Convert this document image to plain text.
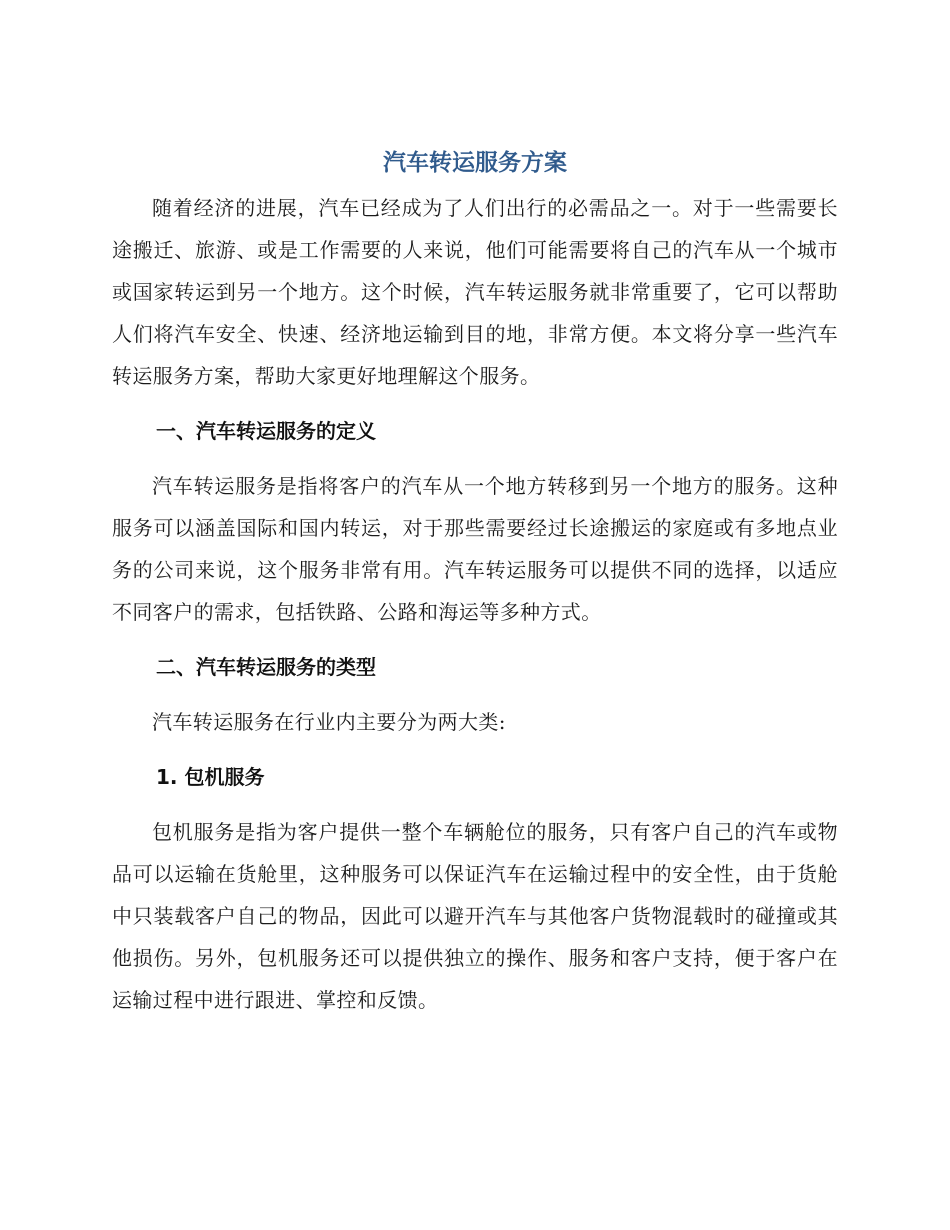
汽车转运服务方案

随着经济的进展，汽车已经成为了人们出行的必需品之一。对于一些需要长途搬迁、旅游、或是工作需要的人来说，他们可能需要将自己的汽车从一个城市或国家转运到另一个地方。这个时候，汽车转运服务就非常重要了，它可以帮助人们将汽车安全、快速、经济地运输到目的地，非常方便。本文将分享一些汽车转运服务方案，帮助大家更好地理解这个服务。

一、汽车转运服务的定义

汽车转运服务是指将客户的汽车从一个地方转移到另一个地方的服务。这种服务可以涵盖国际和国内转运，对于那些需要经过长途搬运的家庭或有多地点业务的公司来说，这个服务非常有用。汽车转运服务可以提供不同的选择，以适应不同客户的需求，包括铁路、公路和海运等多种方式。

二、汽车转运服务的类型

汽车转运服务在行业内主要分为两大类:

1. 包机服务

包机服务是指为客户提供一整个车辆舱位的服务，只有客户自己的汽车或物品可以运输在货舱里，这种服务可以保证汽车在运输过程中的安全性，由于货舱中只装载客户自己的物品，因此可以避开汽车与其他客户货物混载时的碰撞或其他损伤。另外，包机服务还可以提供独立的操作、服务和客户支持，便于客户在运输过程中进行跟进、掌控和反馈。
